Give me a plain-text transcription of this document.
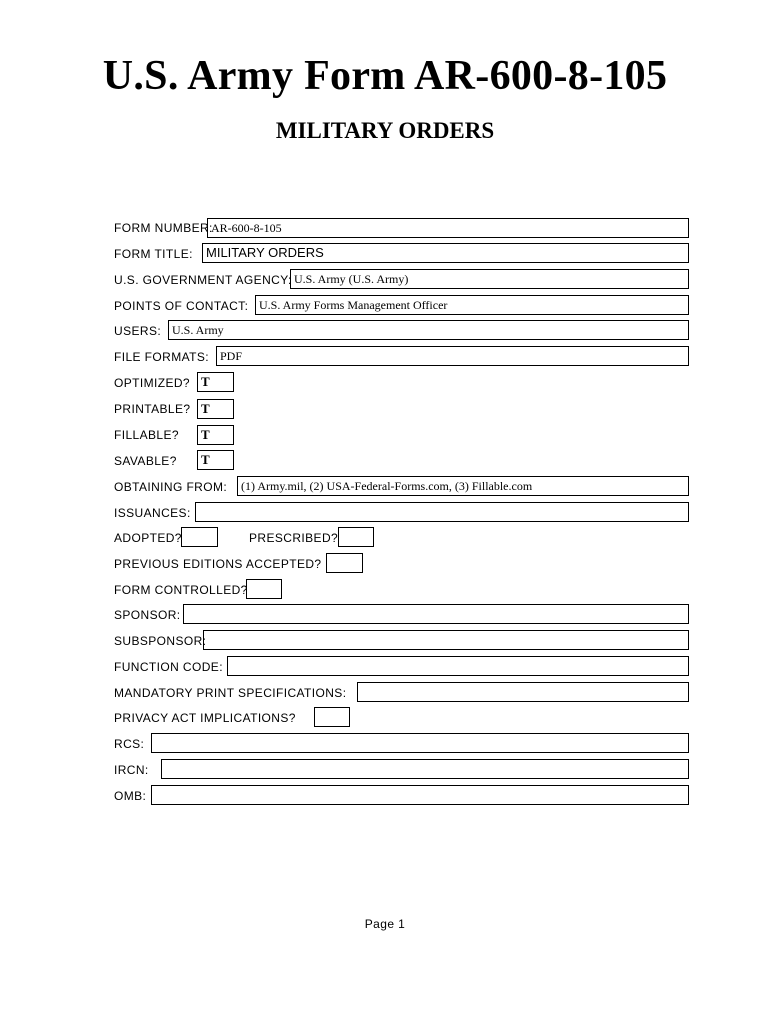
U.S. Army Form AR-600-8-105
MILITARY ORDERS
FORM NUMBER:
AR-600-8-105
FORM TITLE:	MILITARY ORDERS
U.S. GOVERNMENT AGENCY: U.S. Army (U.S. Army)
POINTS OF CONTACT: U.S. Army Forms Management Officer
USERS: U.S. Army
FILE FORMATS: PDF
OPTIMIZED? T
PRINTABLE? T
FILLABLE?	T
SAVABLE?	T
OBTAINING FROM:	(1) Army.mil, (2) USA-Federal-Forms.com, (3) Fillable.com
ISSUANCES:
ADOPTED?	PRESCRIBED?
PREVIOUS EDITIONS ACCEPTED?
FORM CONTROLLED?
SPONSOR:
SUBSPONSOR:
FUNCTION CODE:
MANDATORY PRINT SPECIFICATIONS:
PRIVACY ACT IMPLICATIONS?
RCS:
IRCN:
OMB:
Page 1
